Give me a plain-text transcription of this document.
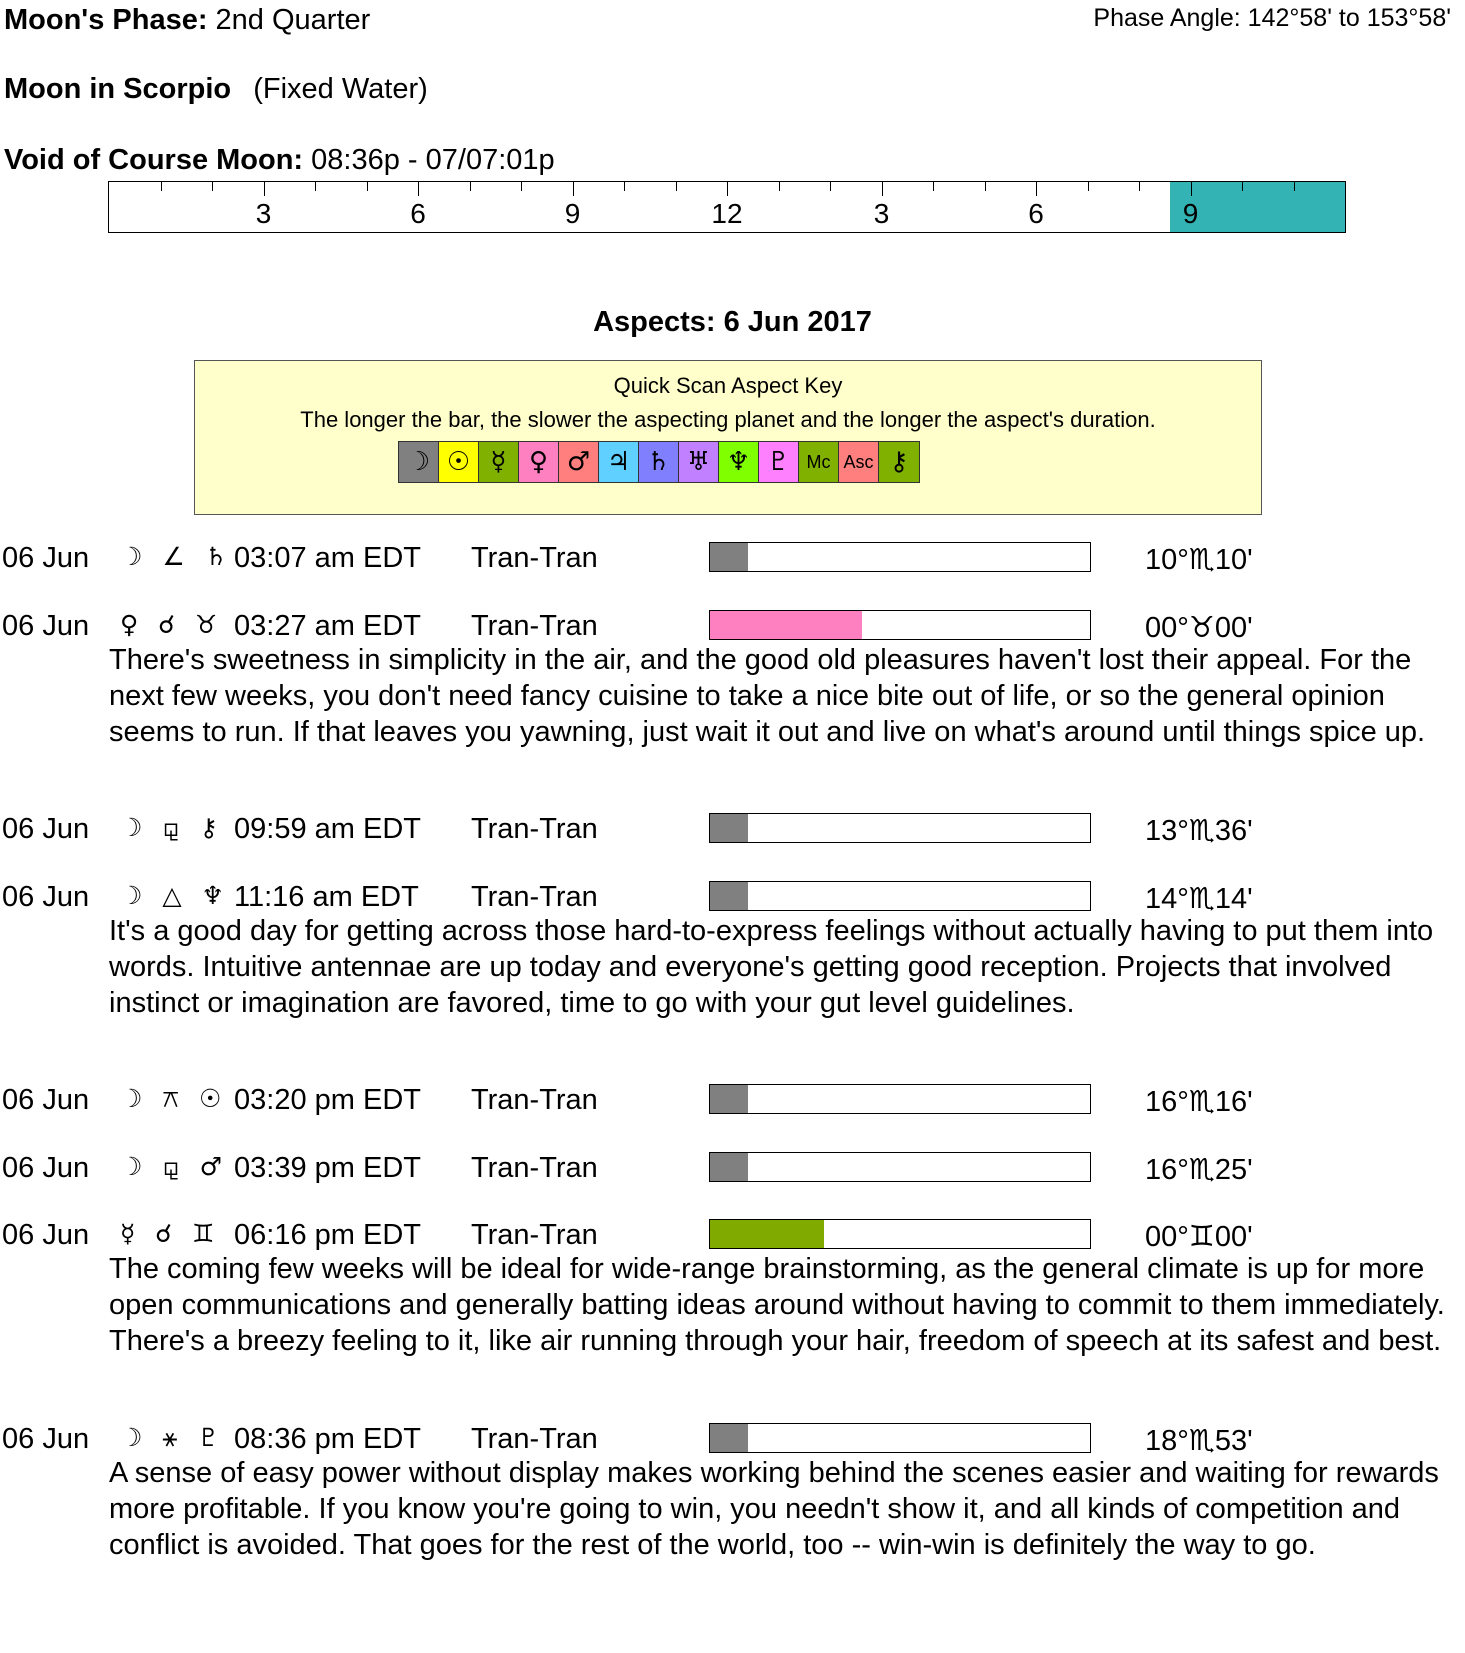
Moon's Phase: 2nd Quarter	Phase Angle: 142°58' to 153°58'
Moon in Scorpio (Fixed Water)
Void of Course Moon: 08:36p - 07/07:01p
3	6	9	12	3	6	9
Aspects: 6 Jun 2017
Quick Scan Aspect Key
The longer the bar, the slower the aspecting planet and the longer the aspect's duration.
☽ ☉ ☿ ♀ ♂ ♃ ♄ ♅ ♆ ♇ Mc Asc ⚷
06 Jun ☽ ∠ ♄ 03:07 am EDT Tran-Tran	10°♏10'
06 Jun ♀ ☌ ♉ 03:27 am EDT Tran-Tran	00°♉00'
There's sweetness in simplicity in the air, and the good old pleasures haven't lost their appeal. For the next few weeks, you don't need fancy cuisine to take a nice bite out of life, or so the general opinion seems to run. If that leaves you yawning, just wait it out and live on what's around until things spice up.
06 Jun ☽ ⚼ ⚷ 09:59 am EDT Tran-Tran	13°♏36'
06 Jun ☽ △ ♆ 11:16 am EDT Tran-Tran	14°♏14'
It's a good day for getting across those hard-to-express feelings without actually having to put them into words. Intuitive antennae are up today and everyone's getting good reception. Projects that involved instinct or imagination are favored, time to go with your gut level guidelines.
06 Jun ☽ ⚻ ☉ 03:20 pm EDT Tran-Tran	16°♏16'
06 Jun ☽ ⚼ ♂ 03:39 pm EDT Tran-Tran	16°♏25'
06 Jun ☿ ☌ ♊ 06:16 pm EDT Tran-Tran	00°♊00'
The coming few weeks will be ideal for wide-range brainstorming, as the general climate is up for more open communications and generally batting ideas around without having to commit to them immediately. There's a breezy feeling to it, like air running through your hair, freedom of speech at its safest and best.
06 Jun ☽ ⚹ ♇ 08:36 pm EDT Tran-Tran	18°♏53'
A sense of easy power without display makes working behind the scenes easier and waiting for rewards more profitable. If you know you're going to win, you needn't show it, and all kinds of competition and conflict is avoided. That goes for the rest of the world, too -- win-win is definitely the way to go.
